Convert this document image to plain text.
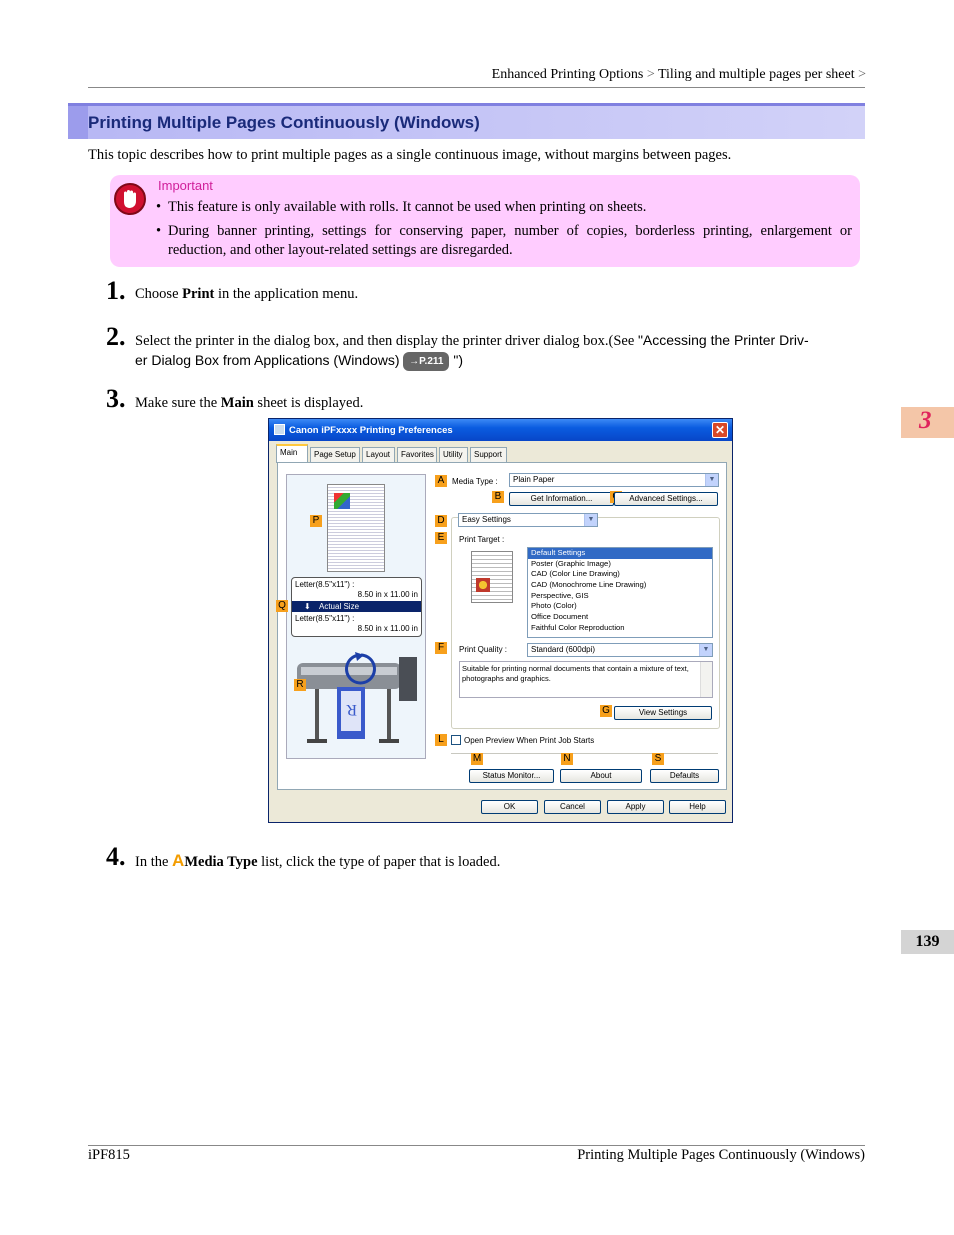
Enhanced Printing Options > Tiling and multiple pages per sheet >
Printing Multiple Pages Continuously (Windows)
This topic describes how to print multiple pages as a single continuous image, without margins between pages.
Important
• This feature is only available with rolls. It cannot be used when printing on sheets.
• During banner printing, settings for conserving paper, number of copies, borderless printing, enlargement or reduction, and other layout-related settings are disregarded.
1. Choose Print in the application menu.
2. Select the printer in the dialog box, and then display the printer driver dialog box.(See "Accessing the Printer Driv-
er Dialog Box from Applications (Windows) →P.211 ")
3. Make sure the Main sheet is displayed.
4. In the AMedia Type list, click the type of paper that is loaded.
3
139
Canon iPFxxxx Printing Preferences	✕
Main	Page Setup	Layout	Favorites	Utility	Support
Letter(8.5"x11") :
8.50 in x 11.00 in
⬇ Actual Size
Letter(8.5"x11") :
8.50 in x 11.00 in
R
P
Q
R
A Media Type :	Plain Paper	▼
B	Get Information...	Advanced Settings...
D	Easy Settings	▼
E	Print Target :
Default Settings
Poster (Graphic Image)
CAD (Color Line Drawing)
CAD (Monochrome Line Drawing)
Perspective, GIS
Photo (Color)
Office Document
Faithful Color Reproduction
F	Print Quality :	Standard (600dpi)	▼
Suitable for printing normal documents that contain a mixture of text, photographs and graphics.
G	View Settings
L	Open Preview When Print Job Starts
M	N	S
Status Monitor...	About	Defaults
OK	Cancel	Apply	Help
iPF815	Printing Multiple Pages Continuously (Windows)
